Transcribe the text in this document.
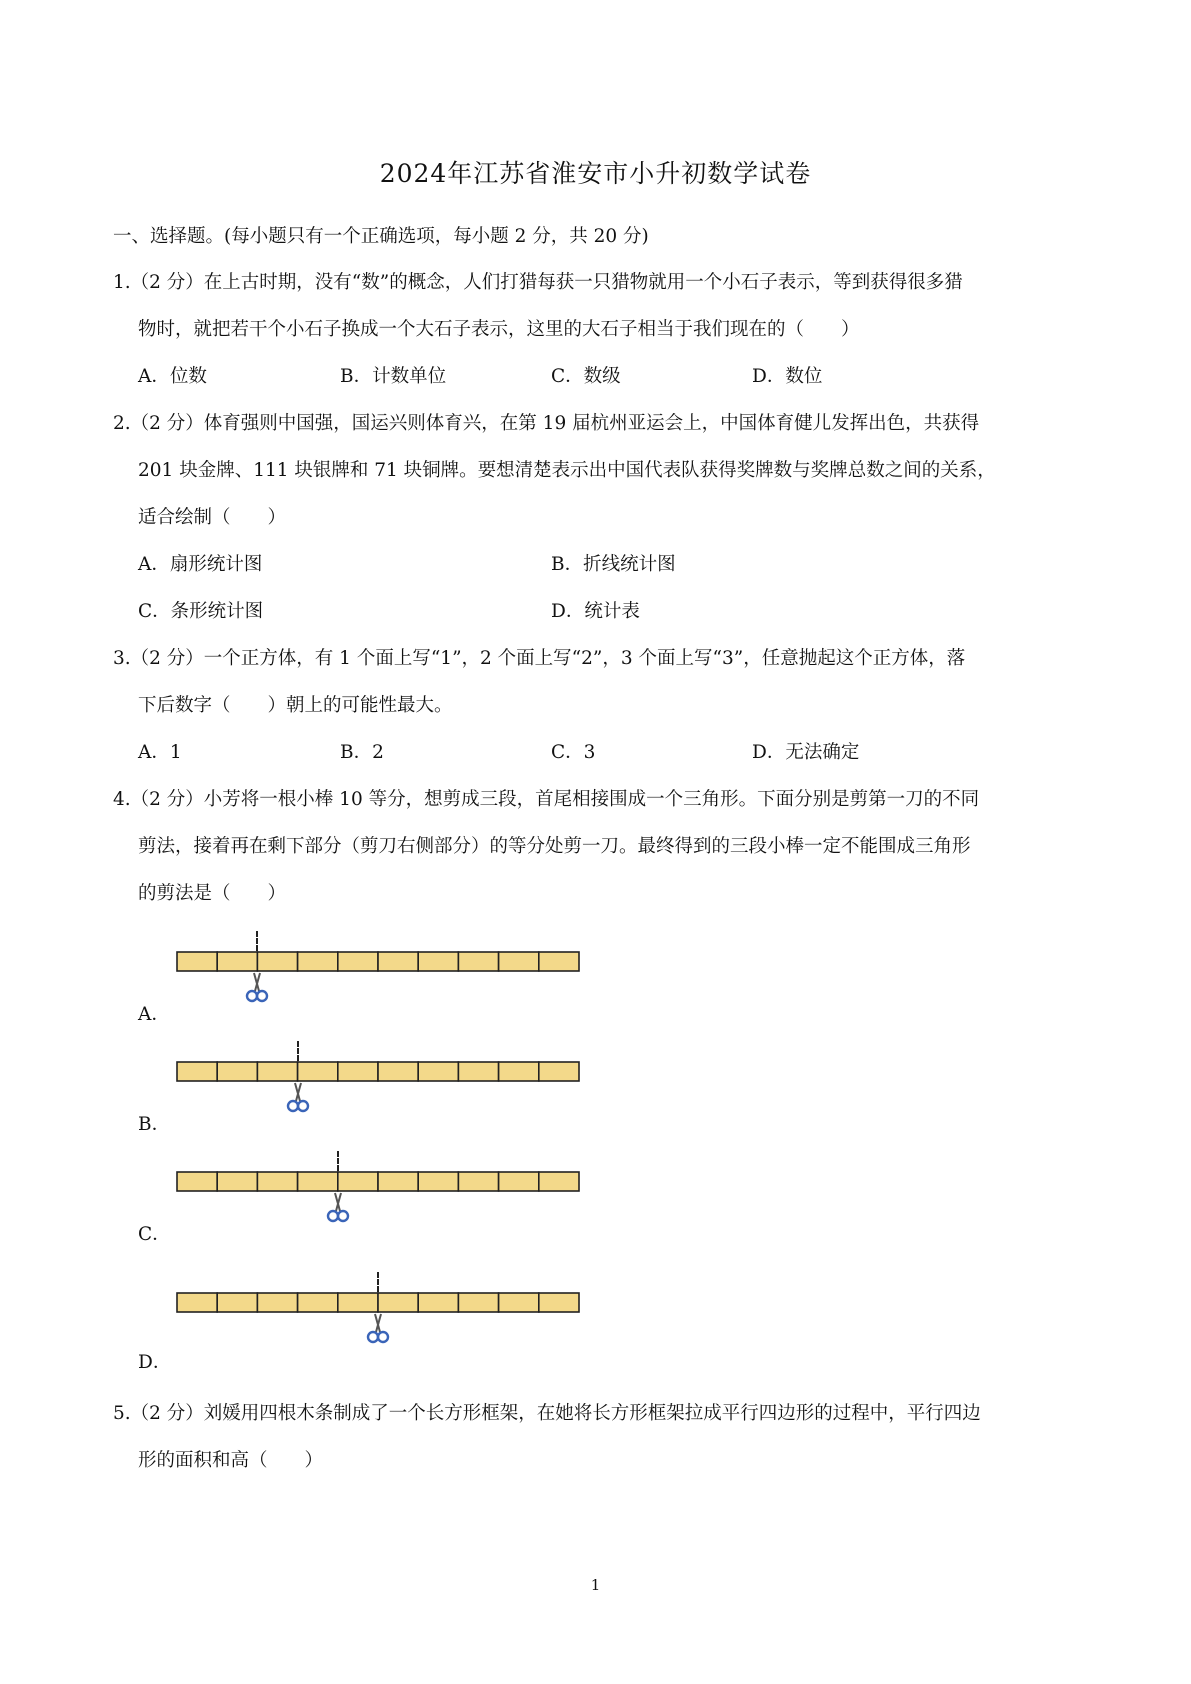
2024年江苏省淮安市小升初数学试卷
一、选择题。(每小题只有一个正确选项，每小题 2 分，共 20 分)
1.（2 分）在上古时期，没有“数”的概念，人们打猎每获一只猎物就用一个小石子表示，等到获得很多猎
物时，就把若干个小石子换成一个大石子表示，这里的大石子相当于我们现在的（　　）
A．位数	B．计数单位	C．数级	D．数位
2.（2 分）体育强则中国强，国运兴则体育兴，在第 19 届杭州亚运会上，中国体育健儿发挥出色，共获得
201 块金牌、111 块银牌和 71 块铜牌。要想清楚表示出中国代表队获得奖牌数与奖牌总数之间的关系，
适合绘制（　　）
A．扇形统计图	B．折线统计图
C．条形统计图	D．统计表
3.（2 分）一个正方体，有 1 个面上写“1”，2 个面上写“2”，3 个面上写“3”，任意抛起这个正方体，落
下后数字（　　）朝上的可能性最大。
A．1	B．2	C．3	D．无法确定
4.（2 分）小芳将一根小棒 10 等分，想剪成三段，首尾相接围成一个三角形。下面分别是剪第一刀的不同
剪法，接着再在剩下部分（剪刀右侧部分）的等分处剪一刀。最终得到的三段小棒一定不能围成三角形
的剪法是（　　）
A．
B．
C．
D．
5.（2 分）刘媛用四根木条制成了一个长方形框架，在她将长方形框架拉成平行四边形的过程中，平行四边
形的面积和高（　　）
1
